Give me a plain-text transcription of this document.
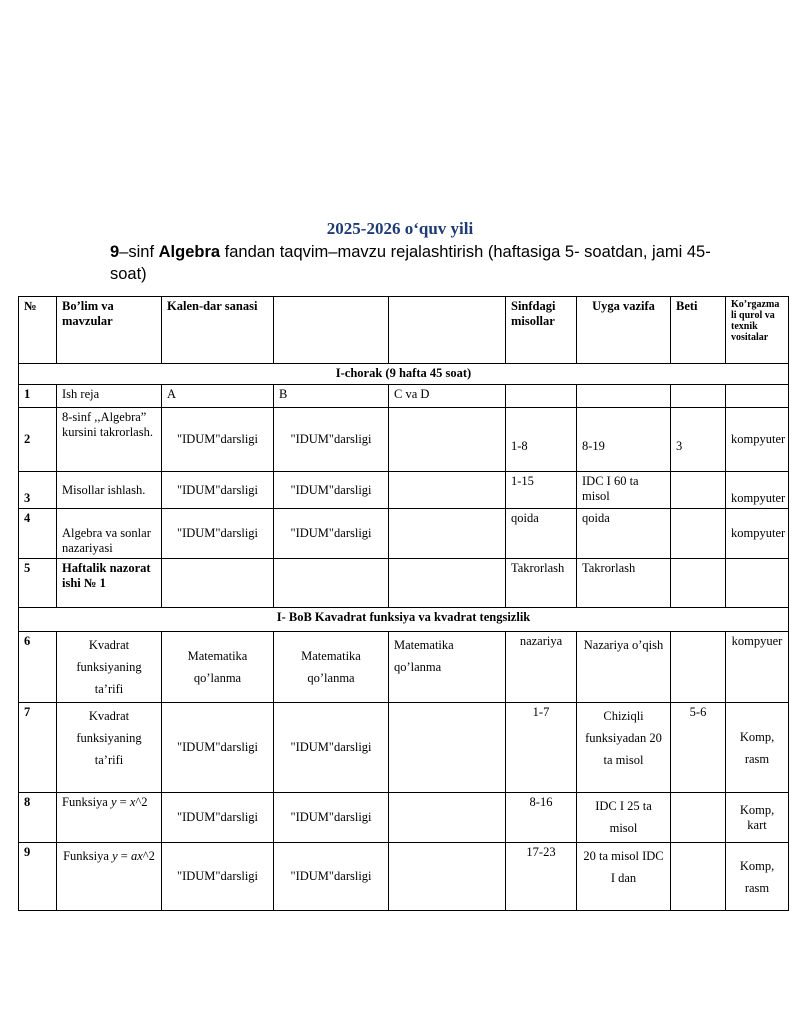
2025-2026 o‘quv yili
9–sinf Algebra fandan taqvim–mavzu rejalashtirish (haftasiga 5- soatdan, jami 45-soat)
№	Bo’lim va mavzular	Kalen-dar sanasi			Sinfdagi misollar	Uyga vazifa	Beti	Ko’rgazma li qurol va texnik vositalar
I-chorak (9 hafta 45 soat)								
1	Ish reja	A	B	C va D				
2	8-sinf ,,Algebra” kursini takrorlash.	"IDUM"darsligi	"IDUM"darsligi		1-8	8-19	3	kompyuter
3	Misollar ishlash.	"IDUM"darsligi	"IDUM"darsligi		1-15	IDC I 60 ta misol		kompyuter
4	Algebra va sonlar nazariyasi	"IDUM"darsligi	"IDUM"darsligi		qoida	qoida		kompyuter
5	Haftalik nazorat ishi № 1				Takrorlash	Takrorlash		
I- BoB Kavadrat funksiya va kvadrat tengsizlik								
6	Kvadrat funksiyaning ta’rifi	Matematika qo’lanma	Matematika qo’lanma	Matematika qo’lanma	nazariya	Nazariya o’qish		kompyuer
7	Kvadrat funksiyaning ta’rifi	"IDUM"darsligi	"IDUM"darsligi		1-7	Chiziqli funksiyadan 20 ta misol	5-6	Komp, rasm
8	Funksiya y = x^2	"IDUM"darsligi	"IDUM"darsligi		8-16	IDC I 25 ta misol		Komp, kart
9	Funksiya y = ax^2	"IDUM"darsligi	"IDUM"darsligi		17-23	20 ta misol IDC I dan		Komp, rasm
